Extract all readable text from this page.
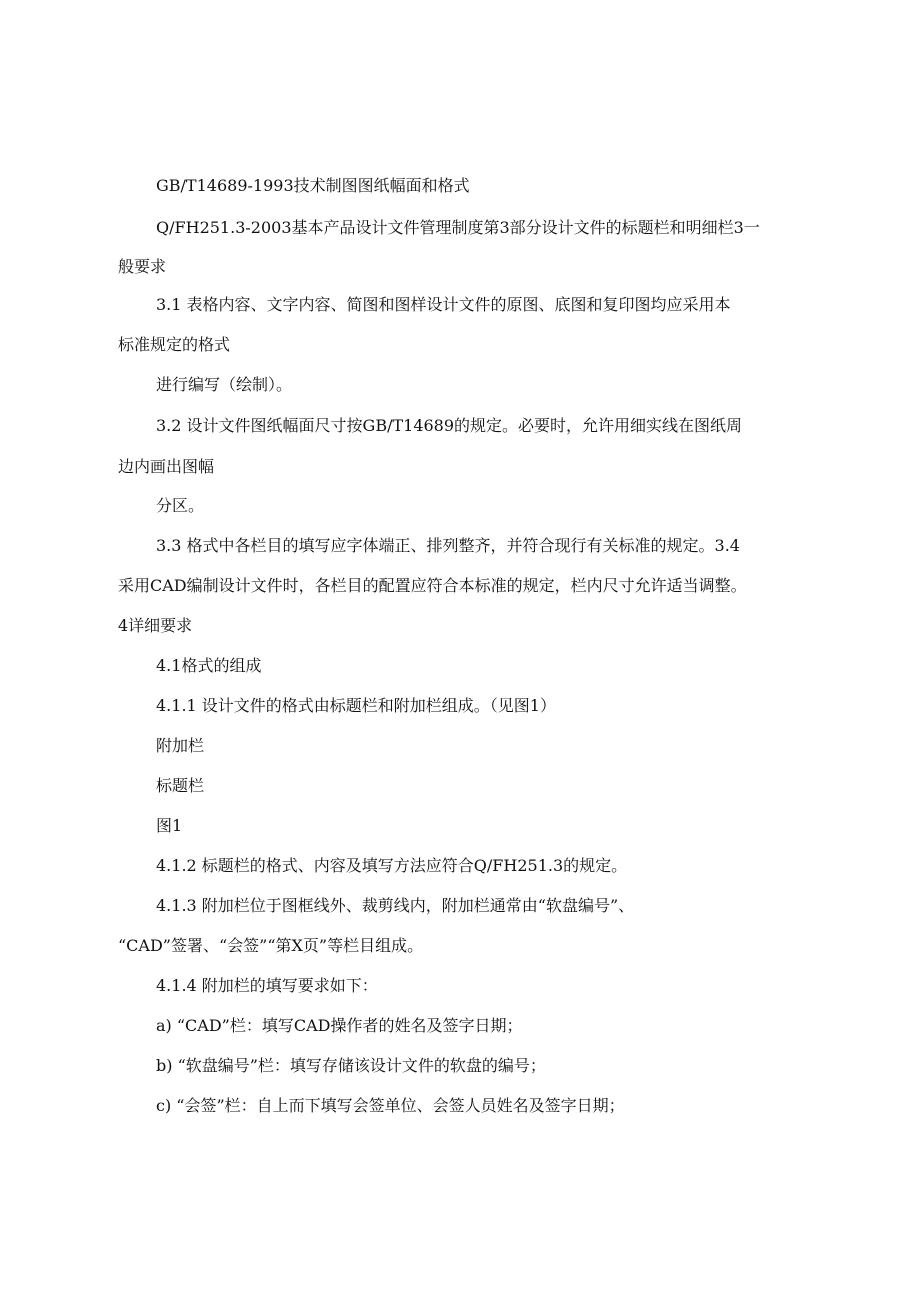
GB/T14689-1993技术制图图纸幅面和格式
Q/FH251.3-2003基本产品设计文件管理制度第3部分设计文件的标题栏和明细栏3一
般要求
3.1 表格内容、文字内容、简图和图样设计文件的原图、底图和复印图均应采用本
标准规定的格式
进行编写（绘制）。
3.2 设计文件图纸幅面尺寸按GB/T14689的规定。必要时，允许用细实线在图纸周
边内画出图幅
分区。
3.3 格式中各栏目的填写应字体端正、排列整齐，并符合现行有关标准的规定。3.4
采用CAD编制设计文件时，各栏目的配置应符合本标准的规定，栏内尺寸允许适当调整。
4详细要求
4.1格式的组成
4.1.1 设计文件的格式由标题栏和附加栏组成。（见图1）
附加栏
标题栏
图1
4.1.2 标题栏的格式、内容及填写方法应符合Q/FH251.3的规定。
4.1.3 附加栏位于图框线外、裁剪线内，附加栏通常由“软盘编号”、
“CAD”签署、“会签”“第X页”等栏目组成。
4.1.4 附加栏的填写要求如下：
a) “CAD”栏：填写CAD操作者的姓名及签字日期；
b) “软盘编号”栏：填写存储该设计文件的软盘的编号；
c) “会签”栏：自上而下填写会签单位、会签人员姓名及签字日期；
